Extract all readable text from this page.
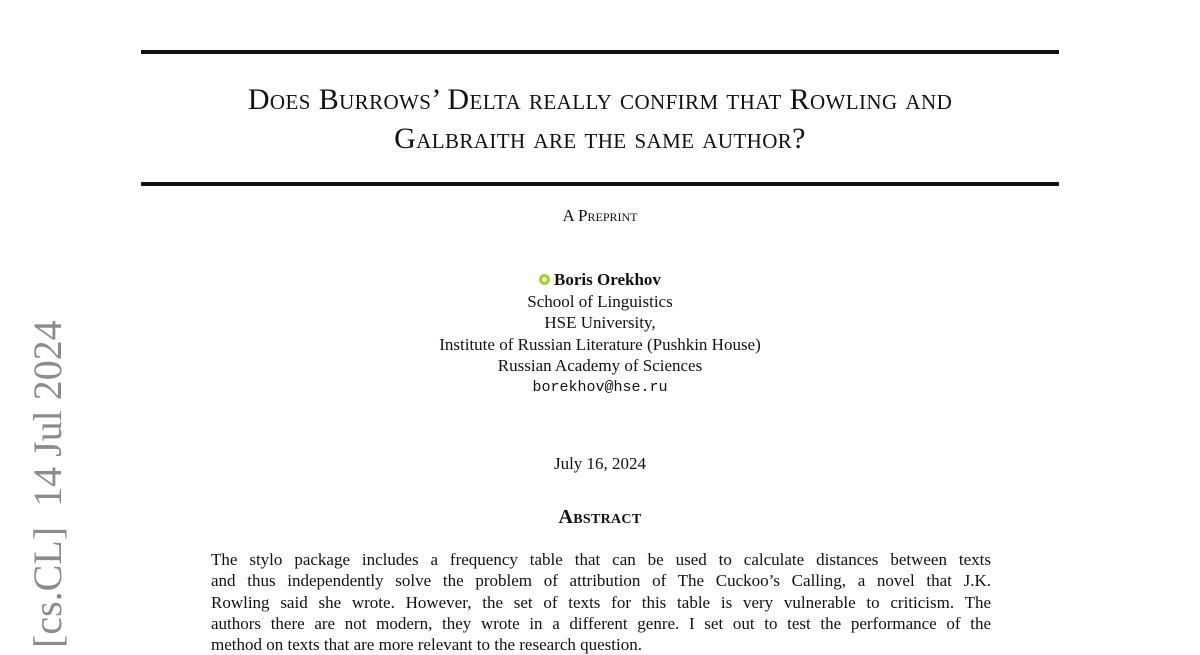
Does Burrows’ Delta really confirm that Rowling and
Galbraith are the same author?
A Preprint
Boris Orekhov
School of Linguistics
HSE University,
Institute of Russian Literature (Pushkin House)
Russian Academy of Sciences
borekhov@hse.ru
July 16, 2024
Abstract
The stylo package includes a frequency table that can be used to calculate distances between texts
and thus independently solve the problem of attribution of The Cuckoo’s Calling, a novel that J.K.
Rowling said she wrote. However, the set of texts for this table is very vulnerable to criticism. The
authors there are not modern, they wrote in a different genre. I set out to test the performance of the
method on texts that are more relevant to the research question.
[cs.CL]  14 Jul 2024
